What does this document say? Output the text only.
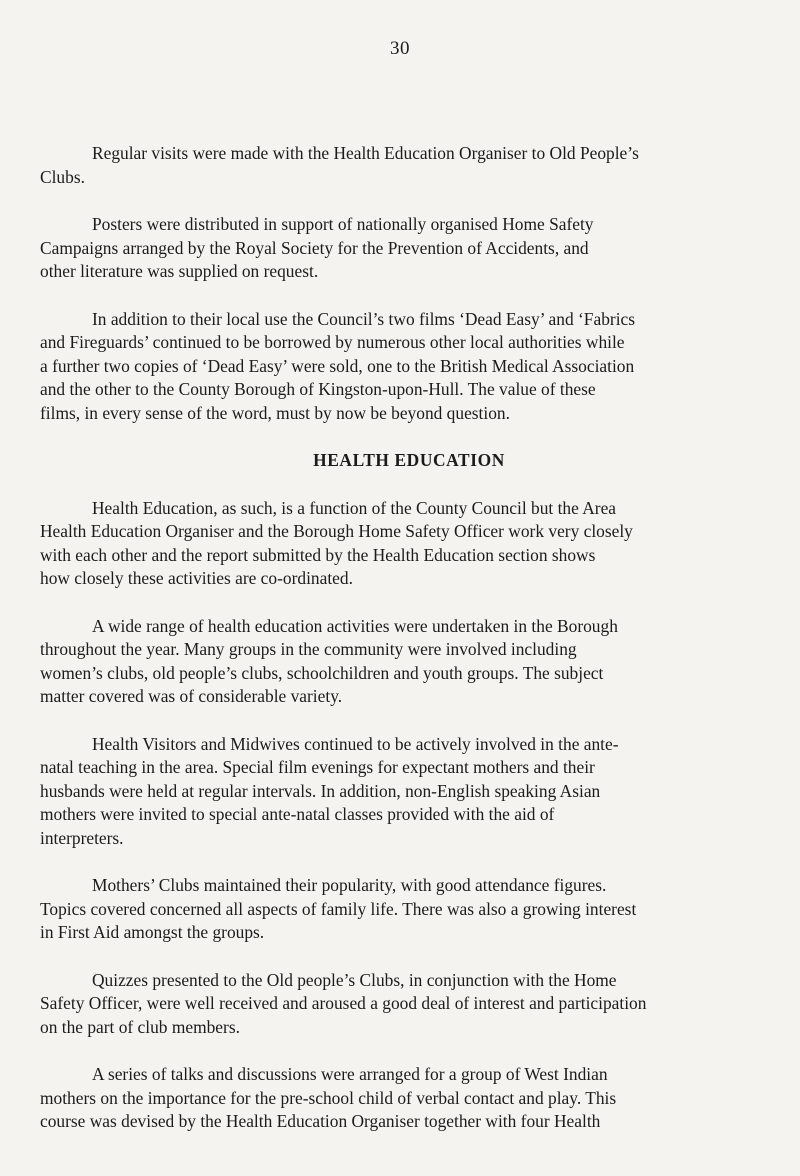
30

Regular visits were made with the Health Education Organiser to Old People’s
Clubs.

Posters were distributed in support of nationally organised Home Safety
Campaigns arranged by the Royal Society for the Prevention of Accidents, and
other literature was supplied on request.

In addition to their local use the Council’s two films ‘Dead Easy’ and ‘Fabrics
and Fireguards’ continued to be borrowed by numerous other local authorities while
a further two copies of ‘Dead Easy’ were sold, one to the British Medical Association
and the other to the County Borough of Kingston-upon-Hull. The value of these
films, in every sense of the word, must by now be beyond question.

HEALTH EDUCATION

Health Education, as such, is a function of the County Council but the Area
Health Education Organiser and the Borough Home Safety Officer work very closely
with each other and the report submitted by the Health Education section shows
how closely these activities are co-ordinated.

A wide range of health education activities were undertaken in the Borough
throughout the year. Many groups in the community were involved including
women’s clubs, old people’s clubs, schoolchildren and youth groups. The subject
matter covered was of considerable variety.

Health Visitors and Midwives continued to be actively involved in the ante-
natal teaching in the area. Special film evenings for expectant mothers and their
husbands were held at regular intervals. In addition, non-English speaking Asian
mothers were invited to special ante-natal classes provided with the aid of
interpreters.

Mothers’ Clubs maintained their popularity, with good attendance figures.
Topics covered concerned all aspects of family life. There was also a growing interest
in First Aid amongst the groups.

Quizzes presented to the Old people’s Clubs, in conjunction with the Home
Safety Officer, were well received and aroused a good deal of interest and participation
on the part of club members.

A series of talks and discussions were arranged for a group of West Indian
mothers on the importance for the pre-school child of verbal contact and play. This
course was devised by the Health Education Organiser together with four Health
